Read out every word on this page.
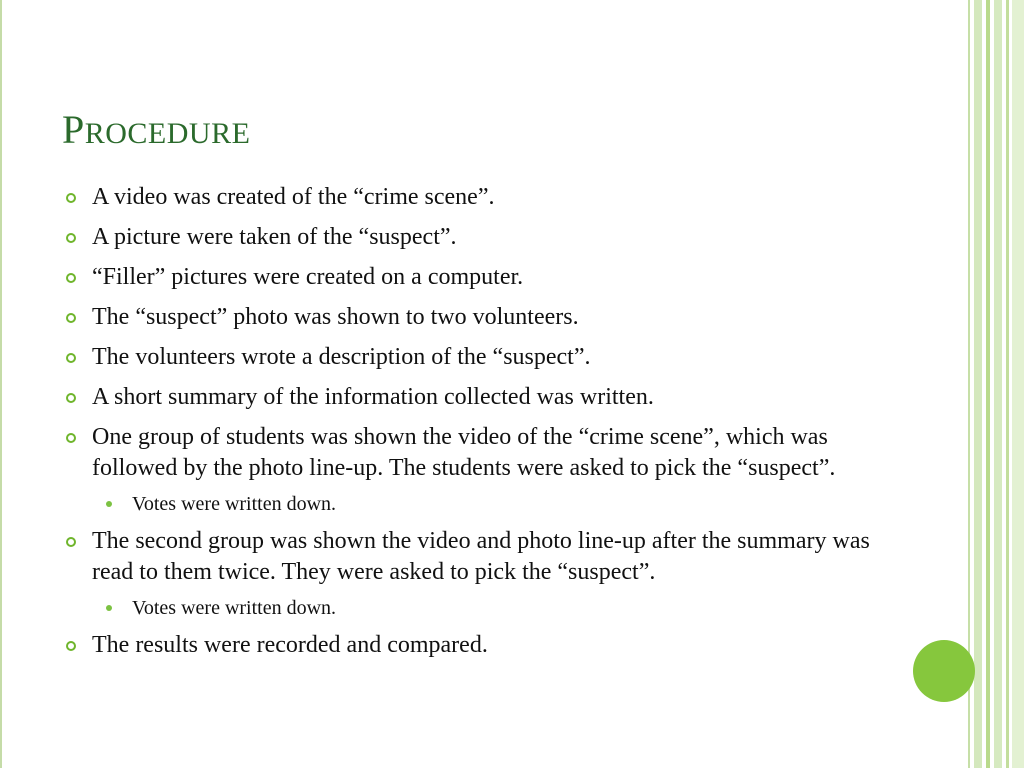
PROCEDURE
A video was created of the “crime scene”.
A picture were taken of the “suspect”.
“Filler” pictures were created on a computer.
The “suspect” photo was shown to two volunteers.
The volunteers wrote a description of the “suspect”.
A short summary of the information collected was written.
One group of students was shown the video of the “crime scene”, which was followed by the photo line-up. The students were asked to pick the “suspect”.
Votes were written down.
The second group was shown the video and photo line-up after the summary was read to them twice. They were asked to pick the “suspect”.
Votes were written down.
The results were recorded and compared.
